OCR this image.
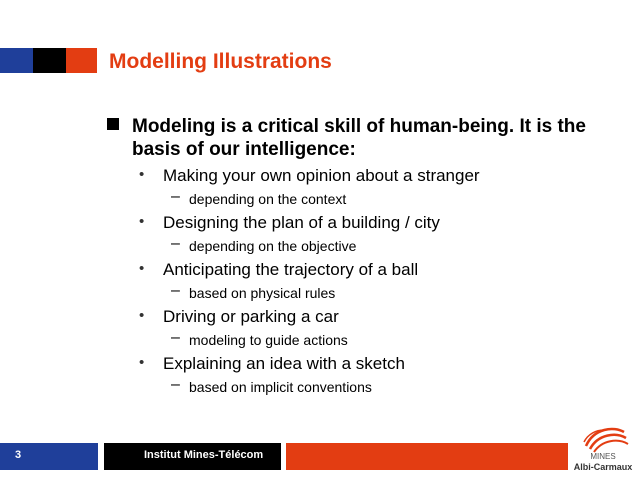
Modelling Illustrations
Modeling is a critical skill of human-being. It is the basis of our intelligence:
• Making your own opinion about a stranger
– depending on the context
• Designing the plan of a building / city
– depending on the objective
• Anticipating the trajectory of a ball
– based on physical rules
• Driving or parking a car
– modeling to guide actions
• Explaining an idea with a sketch
– based on implicit conventions
3	Institut Mines-Télécom	MINES
Albi-Carmaux
